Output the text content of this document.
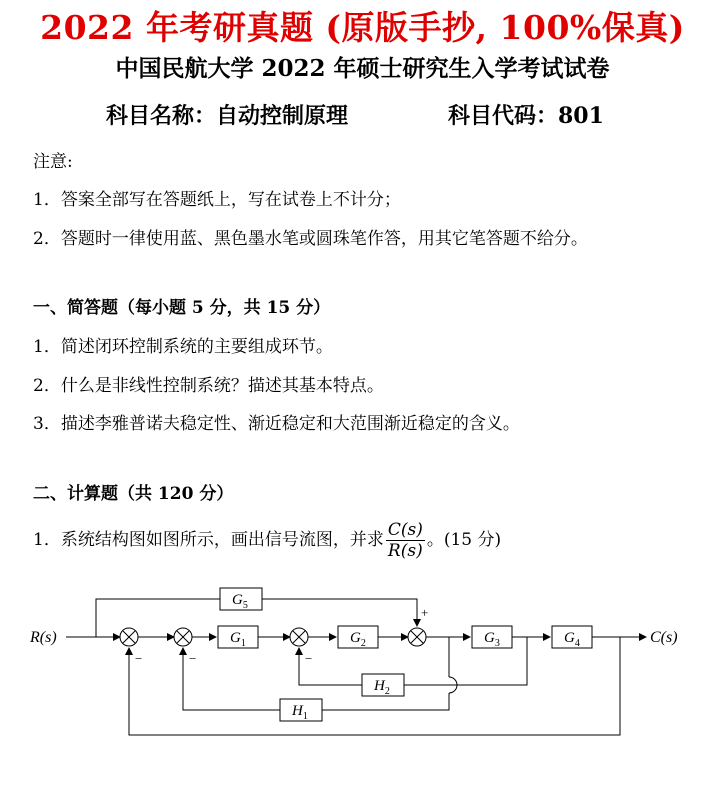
2022 年考研真题 (原版手抄, 100%保真)
中国民航大学 2022 年硕士研究生入学考试试卷
科目名称：自动控制原理	科目代码：801
注意:
1．答案全部写在答题纸上，写在试卷上不计分；
2．答题时一律使用蓝、黑色墨水笔或圆珠笔作答，用其它笔答题不给分。
一、简答题（每小题 5 分，共 15 分）
1．简述闭环控制系统的主要组成环节。
2．什么是非线性控制系统？描述其基本特点。
3．描述李雅普诺夫稳定性、渐近稳定和大范围渐近稳定的含义。
二、计算题（共 120 分）
1．系统结构图如图所示，画出信号流图，并求 $\frac{C(s)}{R(s)}$ 。(15 分)
$G_1$	$G_2$	$G_3$	$G_4$
$G_5$
$H_1$
$H_2$
−	−	−
+
R(s)	C(s)
